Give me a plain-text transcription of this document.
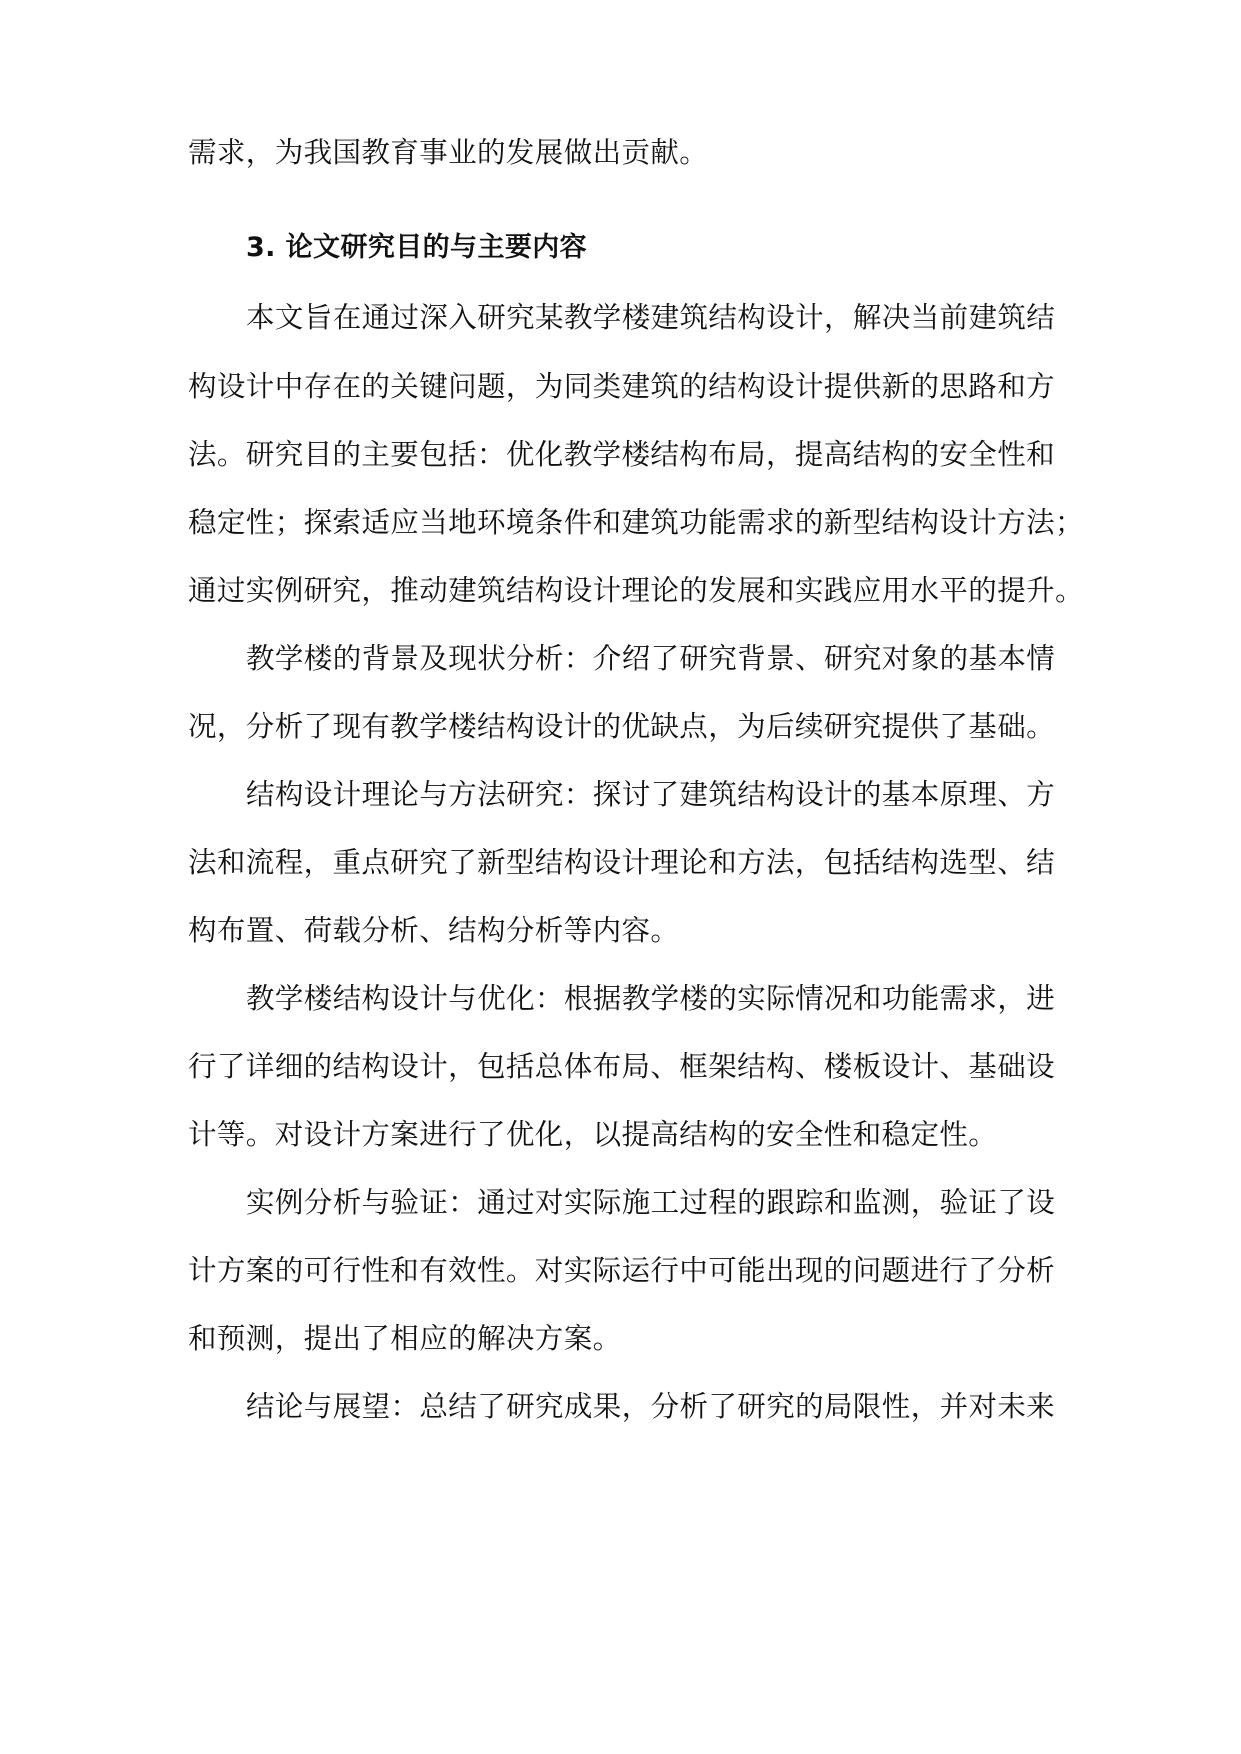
需求，为我国教育事业的发展做出贡献。
3. 论文研究目的与主要内容
本文旨在通过深入研究某教学楼建筑结构设计，解决当前建筑结
构设计中存在的关键问题，为同类建筑的结构设计提供新的思路和方
法。研究目的主要包括：优化教学楼结构布局，提高结构的安全性和
稳定性；探索适应当地环境条件和建筑功能需求的新型结构设计方法；
通过实例研究，推动建筑结构设计理论的发展和实践应用水平的提升。
教学楼的背景及现状分析：介绍了研究背景、研究对象的基本情
况，分析了现有教学楼结构设计的优缺点，为后续研究提供了基础。
结构设计理论与方法研究：探讨了建筑结构设计的基本原理、方
法和流程，重点研究了新型结构设计理论和方法，包括结构选型、结
构布置、荷载分析、结构分析等内容。
教学楼结构设计与优化：根据教学楼的实际情况和功能需求，进
行了详细的结构设计，包括总体布局、框架结构、楼板设计、基础设
计等。对设计方案进行了优化，以提高结构的安全性和稳定性。
实例分析与验证：通过对实际施工过程的跟踪和监测，验证了设
计方案的可行性和有效性。对实际运行中可能出现的问题进行了分析
和预测，提出了相应的解决方案。
结论与展望：总结了研究成果，分析了研究的局限性，并对未来
